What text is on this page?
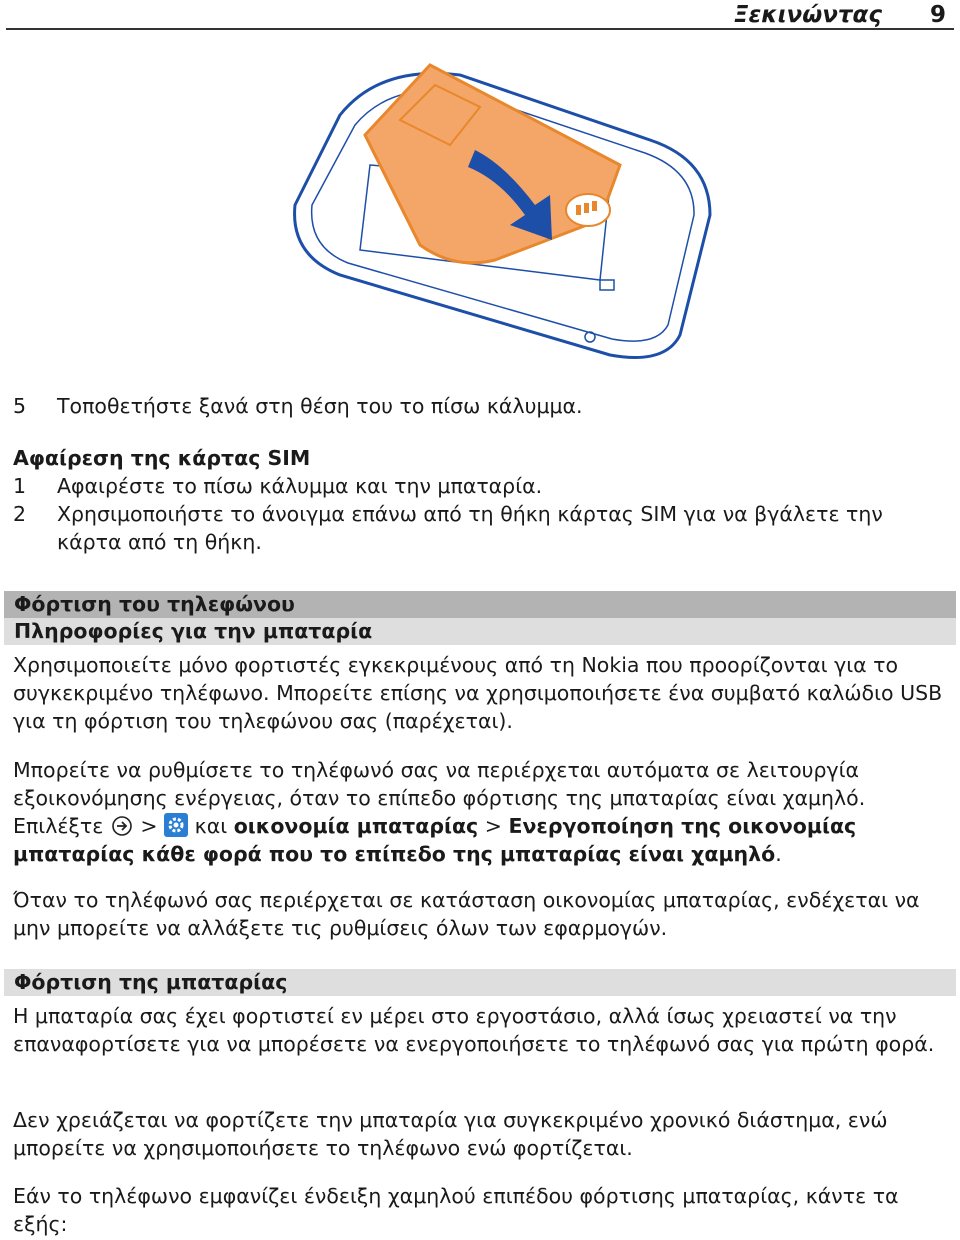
Ξεκινώντας 9
5	Τοποθετήστε ξανά στη θέση του το πίσω κάλυμμα.
Αφαίρεση της κάρτας SIM
1	Αφαιρέστε το πίσω κάλυμμα και την μπαταρία.
2	Χρησιμοποιήστε το άνοιγμα επάνω από τη θήκη κάρτας SIM για να βγάλετε την κάρτα από τη θήκη.
Φόρτιση του τηλεφώνου
Πληροφορίες για την μπαταρία

Χρησιμοποιείτε μόνο φορτιστές εγκεκριμένους από τη Nokia που προορίζονται για το συγκεκριμένο τηλέφωνο. Μπορείτε επίσης να χρησιμοποιήσετε ένα συμβατό καλώδιο USB για τη φόρτιση του τηλεφώνου σας (παρέχεται).

Μπορείτε να ρυθμίσετε το τηλέφωνό σας να περιέρχεται αυτόματα σε λειτουργία εξοικονόμησης ενέργειας, όταν το επίπεδο φόρτισης της μπαταρίας είναι χαμηλό. Επιλέξτε > και οικονομία μπαταρίας > Ενεργοποίηση της οικονομίας μπαταρίας κάθε φορά που το επίπεδο της μπαταρίας είναι χαμηλό.

Όταν το τηλέφωνό σας περιέρχεται σε κατάσταση οικονομίας μπαταρίας, ενδέχεται να μην μπορείτε να αλλάξετε τις ρυθμίσεις όλων των εφαρμογών.

Φόρτιση της μπαταρίας

Η μπαταρία σας έχει φορτιστεί εν μέρει στο εργοστάσιο, αλλά ίσως χρειαστεί να την επαναφορτίσετε για να μπορέσετε να ενεργοποιήσετε το τηλέφωνό σας για πρώτη φορά.

Δεν χρειάζεται να φορτίζετε την μπαταρία για συγκεκριμένο χρονικό διάστημα, ενώ μπορείτε να χρησιμοποιήσετε το τηλέφωνο ενώ φορτίζεται.

Εάν το τηλέφωνο εμφανίζει ένδειξη χαμηλού επιπέδου φόρτισης μπαταρίας, κάντε τα εξής:
